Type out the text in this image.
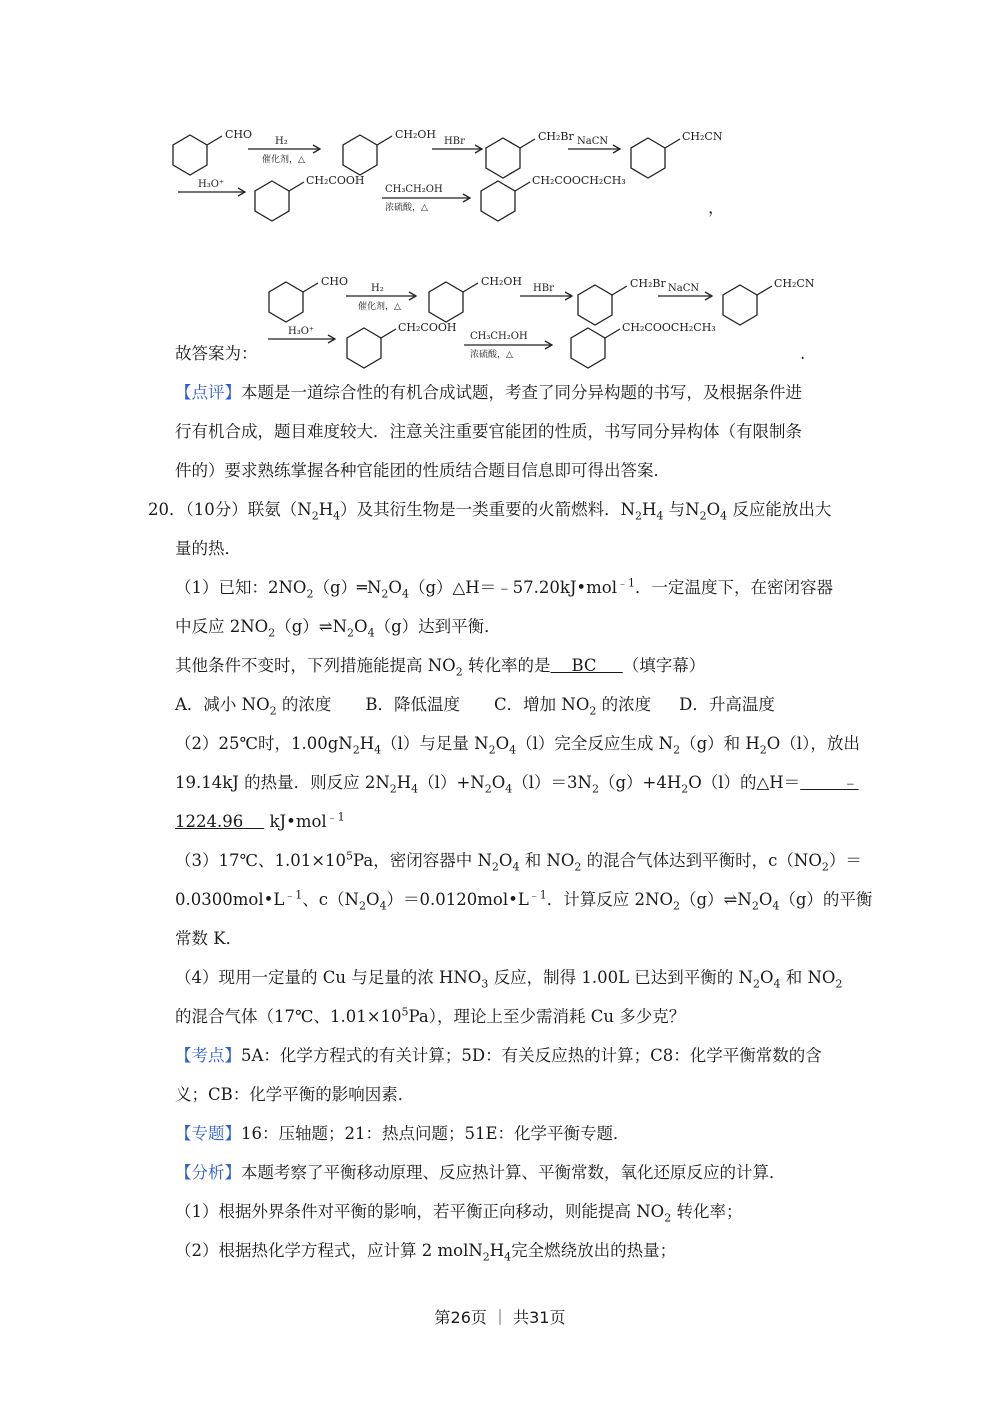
CHO
H₂
催化剂，△
CH₂OH
HBr	CH₂Br NaCN	CH₂CN
H₃O⁺	CH₂COOH
CH₃CH₂OH
浓硫酸，△
CH₂COOCH₂CH₃
，
CHO
H₂
催化剂，△
CH₂OH
HBr	CH₂Br NaCN	CH₂CN
H₃O⁺	CH₂COOH
CH₃CH₂OH
浓硫酸，△
CH₂COOCH₂CH₃
故答案为：	.
【点评】本题是一道综合性的有机合成试题，考查了同分异构题的书写，及根据条件进
行有机合成，题目难度较大．注意关注重要官能团的性质，书写同分异构体（有限制条
件的）要求熟练掌握各种官能团的性质结合题目信息即可得出答案．
20．（10分）联氨$(N_2H_4)$及其衍生物是一类重要的火箭燃料．$N_2H_4$ 与$N_2O_4$ 反应能放出大
量的热．
（1）已知：$2NO_2(g)═N_2O_4(g)\triangle H=﹣57.20kJ•mol^{﹣1}$．一定温度下，在密闭容器
中反应 $2NO_2(g)\rightleftharpoons N_2O_4(g)$达到平衡．
其他条件不变时，下列措施能提高 $NO_2$ 转化率的是 BC （填字幕）
A．减小 $NO_2$ 的浓度 B．降低温度 C．增加 $NO_2$ 的浓度 D．升高温度
（2）25℃时，$1.00gN_2H_4(l)$与足量 $N_2O_4(l)$完全反应生成 $N_2(g)$和 $H_2O(l)$，放出
19.14kJ 的热量．则反应 $2N_2H_4(l)+N_2O_4(l)=3N_2(g)+4H_2O(l)$的△H＝	﹣
1224.96 kJ•mol$^{﹣1}$
（3）17℃、$1.01\times 10^5Pa$，密闭容器中 $N_2O_4$ 和 $NO_2$ 的混合气体达到平衡时，$c(NO_2)=$
$0.0300mol•L^{﹣1}$、$c(N_2O_4)=0.0120mol•L^{﹣1}$．计算反应 $2NO_2(g)\rightleftharpoons N_2O_4(g)$的平衡
常数 K．
（4）现用一定量的 Cu 与足量的浓 $HNO_3$ 反应，制得 1.00L 已达到平衡的 $N_2O_4$ 和 $NO_2$
的混合气体（17℃、$1.01\times 10^5Pa$），理论上至少需消耗 Cu 多少克？
【考点】5A：化学方程式的有关计算；5D：有关反应热的计算；C8：化学平衡常数的含
义；CB：化学平衡的影响因素．
【专题】16：压轴题；21：热点问题；51E：化学平衡专题．
【分析】本题考察了平衡移动原理、反应热计算、平衡常数，氧化还原反应的计算．
（1）根据外界条件对平衡的影响，若平衡正向移动，则能提高 $NO_2$ 转化率；
（2）根据热化学方程式，应计算 2 $molN_2H_4$完全燃绕放出的热量；
第26页 ｜ 共31页
